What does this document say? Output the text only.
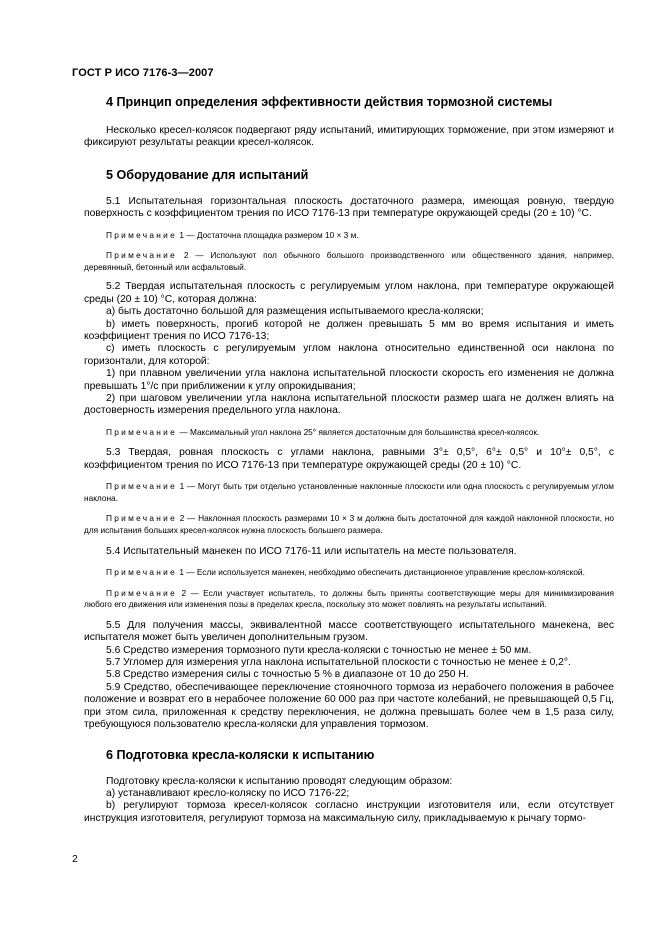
ГОСТ Р ИСО 7176-3—2007
4 Принцип определения эффективности действия тормозной системы

Несколько кресел-колясок подвергают ряду испытаний, имитирующих торможение, при этом измеряют и фиксируют результаты реакции кресел-колясок.

5 Оборудование для испытаний

5.1 Испытательная горизонтальная плоскость достаточного размера, имеющая ровную, твердую поверхность с коэффициентом трения по ИСО 7176-13 при температуре окружающей среды (20 ± 10) °С.

Примечание 1 — Достаточна площадка размером 10 × 3 м.

Примечание 2 — Используют пол обычного большого производственного или общественного здания, например, деревянный, бетонный или асфальтовый.

5.2 Твердая испытательная плоскость с регулируемым углом наклона, при температуре окружающей среды (20 ± 10) °С, которая должна:

а) быть достаточно большой для размещения испытываемого кресла-коляски;

b) иметь поверхность, прогиб которой не должен превышать 5 мм во время испытания и иметь коэффициент трения по ИСО 7176-13;

c) иметь плоскость с регулируемым углом наклона относительно единственной оси наклона по горизонтали, для которой:

1) при плавном увеличении угла наклона испытательной плоскости скорость его изменения не должна превышать 1°/с при приближении к углу опрокидывания;

2) при шаговом увеличении угла наклона испытательной плоскости размер шага не должен влиять на достоверность измерения предельного угла наклона.

Примечание — Максимальный угол наклона 25° является достаточным для большинства кресел-колясок.

5.3 Твердая, ровная плоскость с углами наклона, равными 3°± 0,5°, 6°± 0,5° и 10°± 0,5°, с коэффициентом трения по ИСО 7176-13 при температуре окружающей среды (20 ± 10) °С.

Примечание 1 — Могут быть три отдельно установленные наклонные плоскости или одна плоскость с регулируемым углом наклона.

Примечание 2 — Наклонная плоскость размерами 10 × 3 м должна быть достаточной для каждой наклонной плоскости, но для испытания больших кресел-колясок нужна плоскость большего размера.

5.4 Испытательный манекен по ИСО 7176-11 или испытатель на месте пользователя.

Примечание 1 — Если используется манекен, необходимо обеспечить дистанционное управление креслом-коляской.

Примечание 2 — Если участвует испытатель, то должны быть приняты соответствующие меры для минимизирования любого его движения или изменения позы в пределах кресла, поскольку это может повлиять на результаты испытаний.

5.5 Для получения массы, эквивалентной массе соответствующего испытательного манекена, вес испытателя может быть увеличен дополнительным грузом.

5.6 Средство измерения тормозного пути кресла-коляски с точностью не менее ± 50 мм.

5.7 Угломер для измерения угла наклона испытательной плоскости с точностью не менее ± 0,2°.

5.8 Средство измерения силы с точностью 5 % в диапазоне от 10 до 250 Н.

5.9 Средство, обеспечивающее переключение стояночного тормоза из нерабочего положения в рабочее положение и возврат его в нерабочее положение 60 000 раз при частоте колебаний, не превышающей 0,5 Гц, при этом сила, приложенная к средству переключения, не должна превышать более чем в 1,5 раза силу, требующуюся пользователю кресла-коляски для управления тормозом.

6 Подготовка кресла-коляски к испытанию

Подготовку кресла-коляски к испытанию проводят следующим образом:

а) устанавливают кресло-коляску по ИСО 7176-22;

b) регулируют тормоза кресел-колясок согласно инструкции изготовителя или, если отсутствует инструкция изготовителя, регулируют тормоза на максимальную силу, прикладываемую к рычагу тормо-

2
